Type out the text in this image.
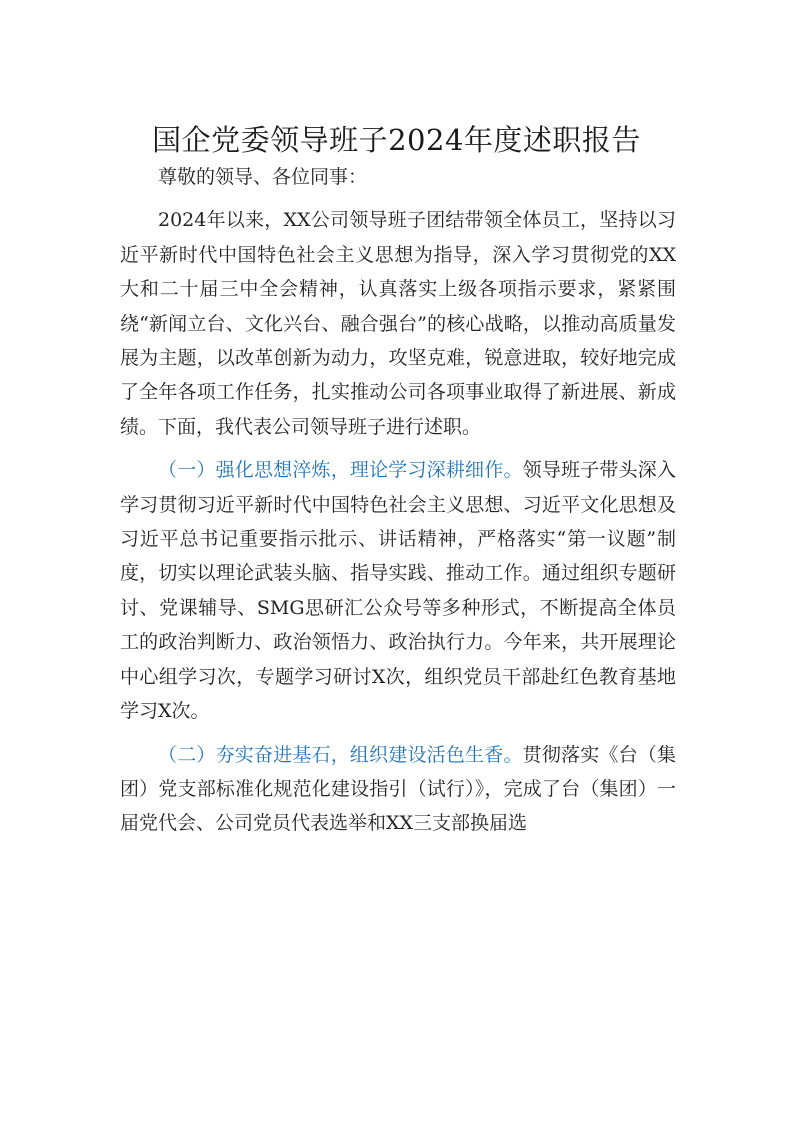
国企党委领导班子2024年度述职报告

尊敬的领导、各位同事：

2024年以来，XX公司领导班子团结带领全体员工，坚持以习近平新时代中国特色社会主义思想为指导，深入学习贯彻党的XX大和二十届三中全会精神，认真落实上级各项指示要求，紧紧围绕“新闻立台、文化兴台、融合强台”的核心战略，以推动高质量发展为主题，以改革创新为动力，攻坚克难，锐意进取，较好地完成了全年各项工作任务，扎实推动公司各项事业取得了新进展、新成绩。下面，我代表公司领导班子进行述职。

（一）强化思想淬炼，理论学习深耕细作。领导班子带头深入学习贯彻习近平新时代中国特色社会主义思想、习近平文化思想及习近平总书记重要指示批示、讲话精神，严格落实“第一议题”制度，切实以理论武装头脑、指导实践、推动工作。通过组织专题研讨、党课辅导、SMG思研汇公众号等多种形式，不断提高全体员工的政治判断力、政治领悟力、政治执行力。今年来，共开展理论中心组学习次，专题学习研讨X次，组织党员干部赴红色教育基地学习X次。

（二）夯实奋进基石，组织建设活色生香。贯彻落实《台（集团）党支部标准化规范化建设指引（试行）》，完成了台（集团）一届党代会、公司党员代表选举和XX三支部换届选
